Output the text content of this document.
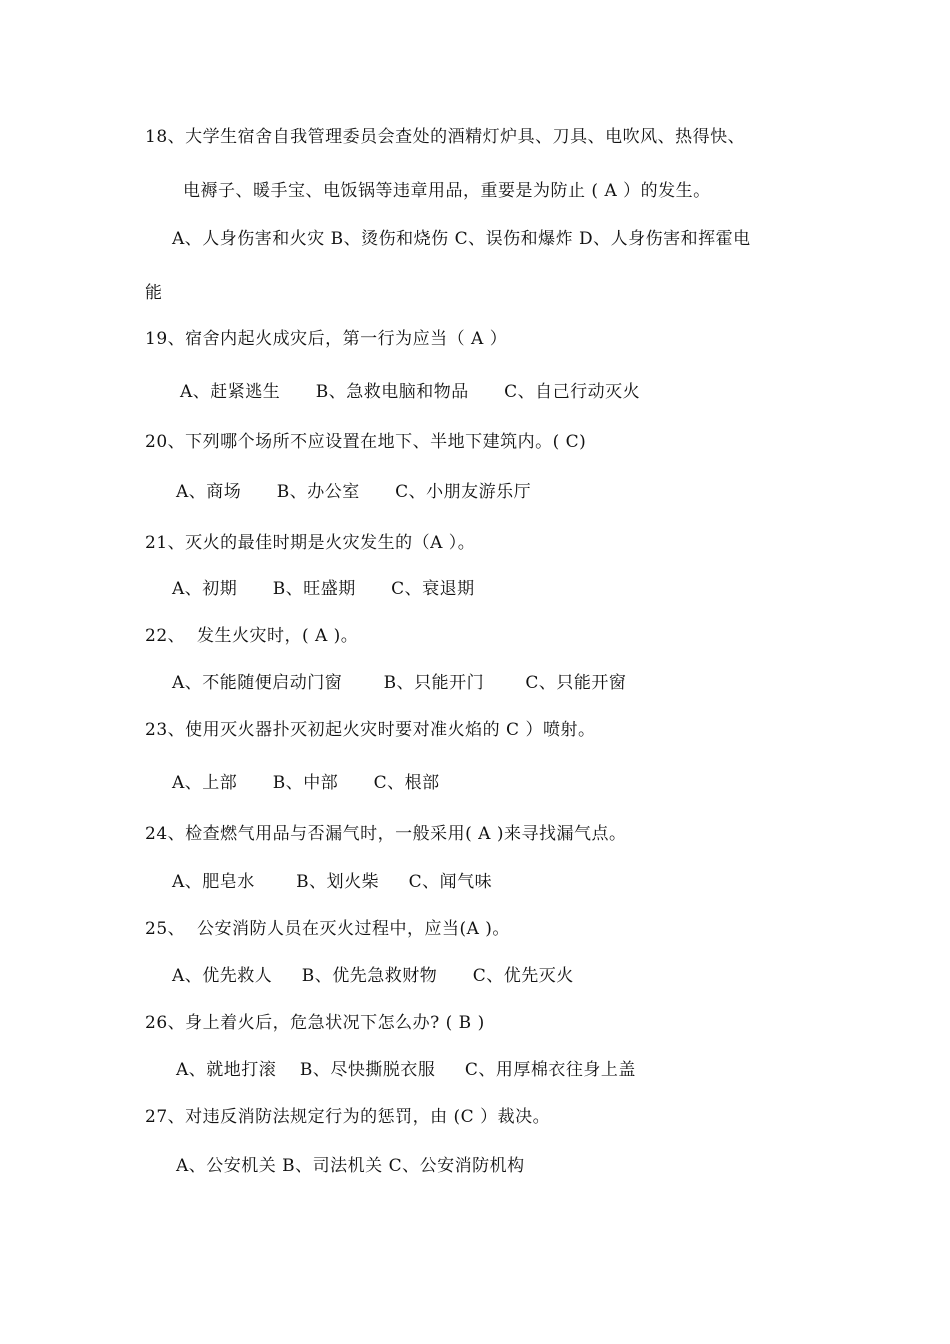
18、大学生宿舍自我管理委员会查处的酒精灯炉具、刀具、电吹风、热得快、
电褥子、暖手宝、电饭锅等违章用品，重要是为防止 ( A ）的发生。
A、人身伤害和火灾 B、烫伤和烧伤 C、误伤和爆炸 D、人身伤害和挥霍电
能
19、宿舍内起火成灾后，第一行为应当（ A ）
A、赶紧逃生      B、急救电脑和物品      C、自己行动灭火
20、下列哪个场所不应设置在地下、半地下建筑内。( C)
A、商场      B、办公室      C、小朋友游乐厅
21、灭火的最佳时期是火灾发生的（A ）。
A、初期      B、旺盛期      C、衰退期
22、  发生火灾时，( A )。
A、不能随便启动门窗       B、只能开门       C、只能开窗
23、使用灭火器扑灭初起火灾时要对准火焰的 C ）喷射。
A、上部      B、中部      C、根部
24、检查燃气用品与否漏气时，一般采用( A )来寻找漏气点。
A、肥皂水       B、划火柴     C、闻气味
25、  公安消防人员在灭火过程中，应当(A )。
A、优先救人     B、优先急救财物      C、优先灭火
26、身上着火后，危急状况下怎么办? ( B )
A、就地打滚    B、尽快撕脱衣服     C、用厚棉衣往身上盖
27、对违反消防法规定行为的惩罚，由 (C ）裁决。
A、公安机关 B、司法机关 C、公安消防机构
